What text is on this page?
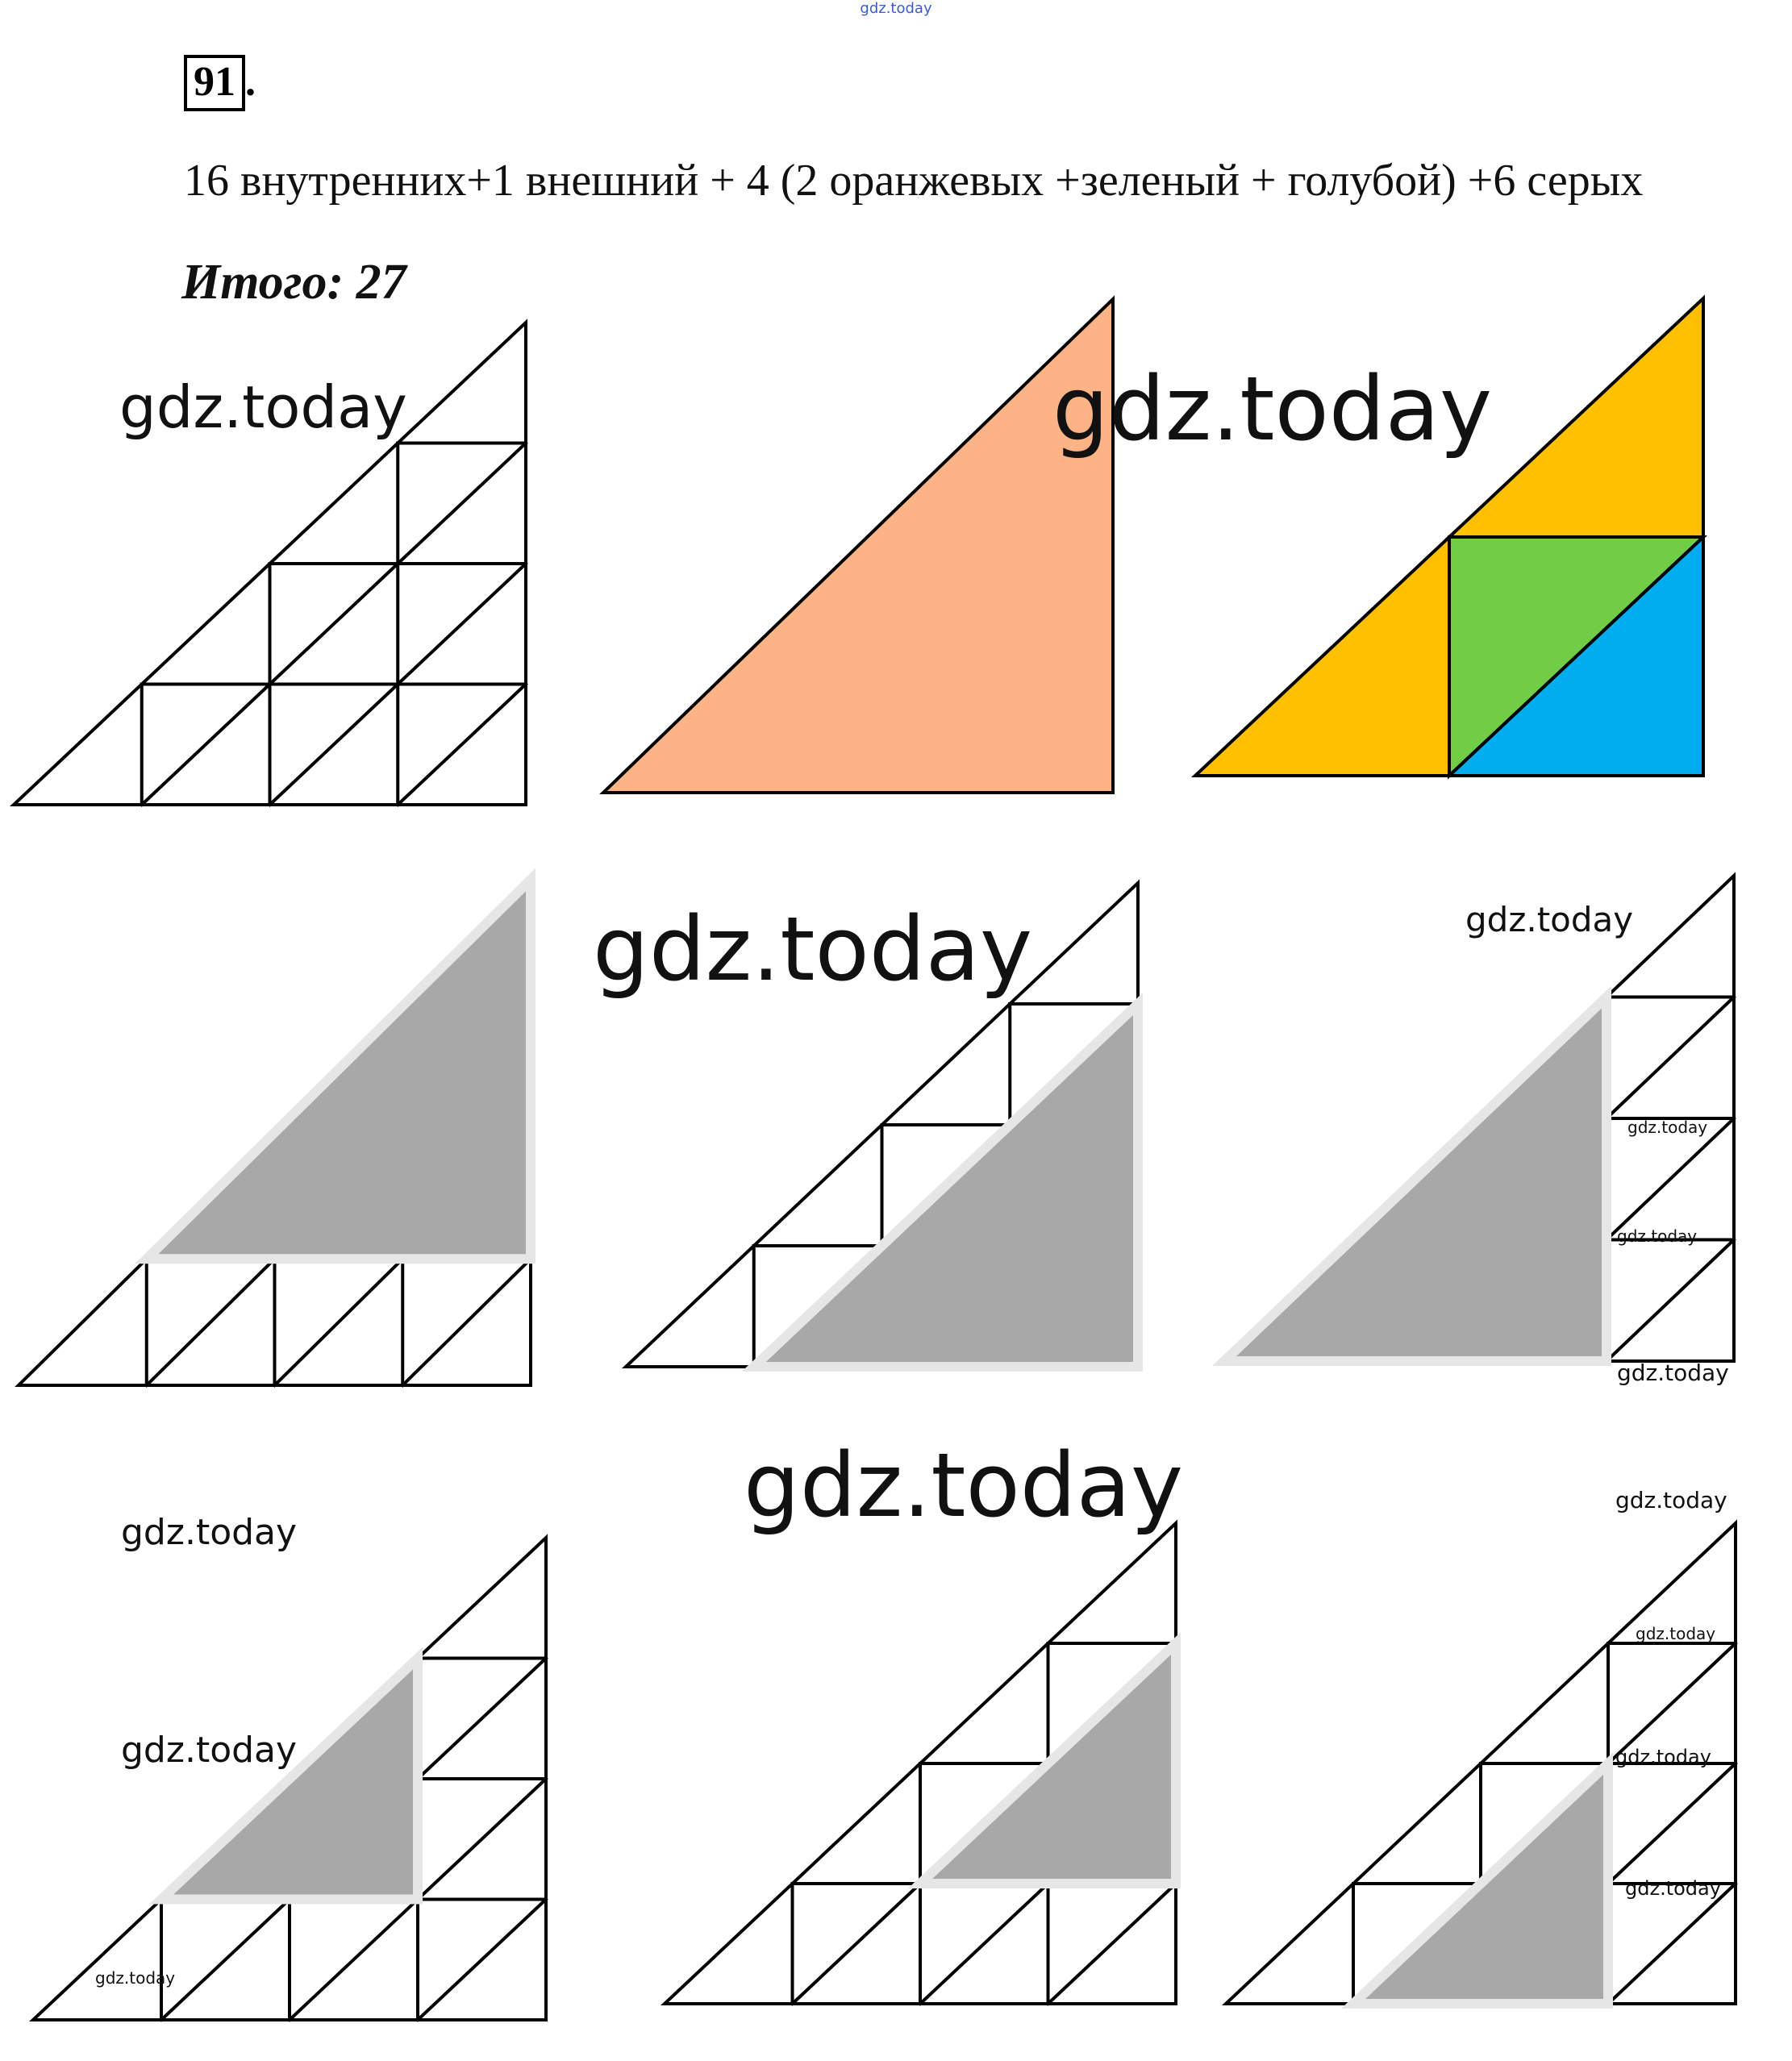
gdz.today
91 .
16 внутренних+1 внешний + 4 (2 оранжевых +зеленый + голубой) +6 серых
Итого: 27
gdz.today	gdz.today
gdz.today	gdz.today
gdz.today
gdz.today
gdz.today
gdz.today
gdz.today
gdz.today
gdz.today
gdz.today
gdz.today
gdz.today
gdz.today
